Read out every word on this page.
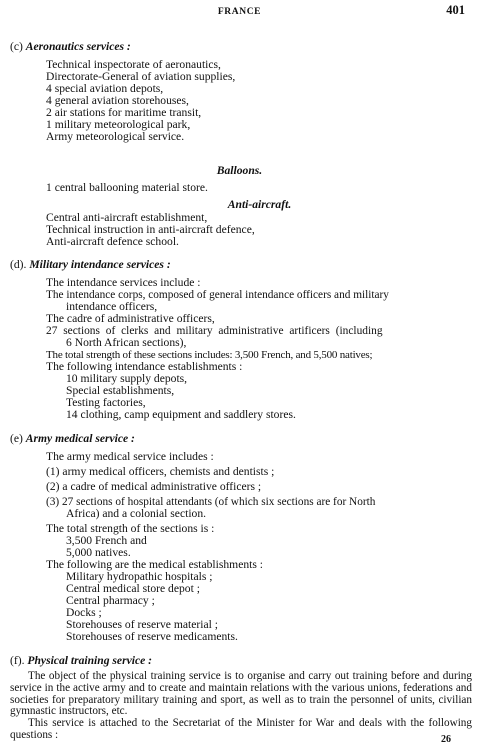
FRANCE	401
(c) Aeronautics services :
Technical inspectorate of aeronautics,
Directorate-General of aviation supplies,
4 special aviation depots,
4 general aviation storehouses,
2 air stations for maritime transit,
1 military meteorological park,
Army meteorological service.
Balloons.
1 central ballooning material store.
Anti-aircraft.
Central anti-aircraft establishment,
Technical instruction in anti-aircraft defence,
Anti-aircraft defence school.
(d). Military intendance services :
The intendance services include :
The intendance corps, composed of general intendance officers and military
intendance officers,
The cadre of administrative officers,
27 sections of clerks and military administrative artificers (including
6 North African sections),
The total strength of these sections includes: 3,500 French, and 5,500 natives;
The following intendance establishments :
10 military supply depots,
Special establishments,
Testing factories,
14 clothing, camp equipment and saddlery stores.
(e) Army medical service :
The army medical service includes :
(1) army medical officers, chemists and dentists ;
(2) a cadre of medical administrative officers ;
(3) 27 sections of hospital attendants (of which six sections are for North
Africa) and a colonial section.
The total strength of the sections is :
3,500 French and
5,000 natives.
The following are the medical establishments :
Military hydropathic hospitals ;
Central medical store depot ;
Central pharmacy ;
Docks ;
Storehouses of reserve material ;
Storehouses of reserve medicaments.
(f). Physical training service :
The object of the physical training service is to organise and carry out training before and during service in the active army and to create and maintain relations with the various unions, federations and societies for preparatory military training and sport, as well as to train the personnel of units, civilian gymnastic instructors, etc.
This service is attached to the Secretariat of the Minister for War and deals with the following questions :	26
